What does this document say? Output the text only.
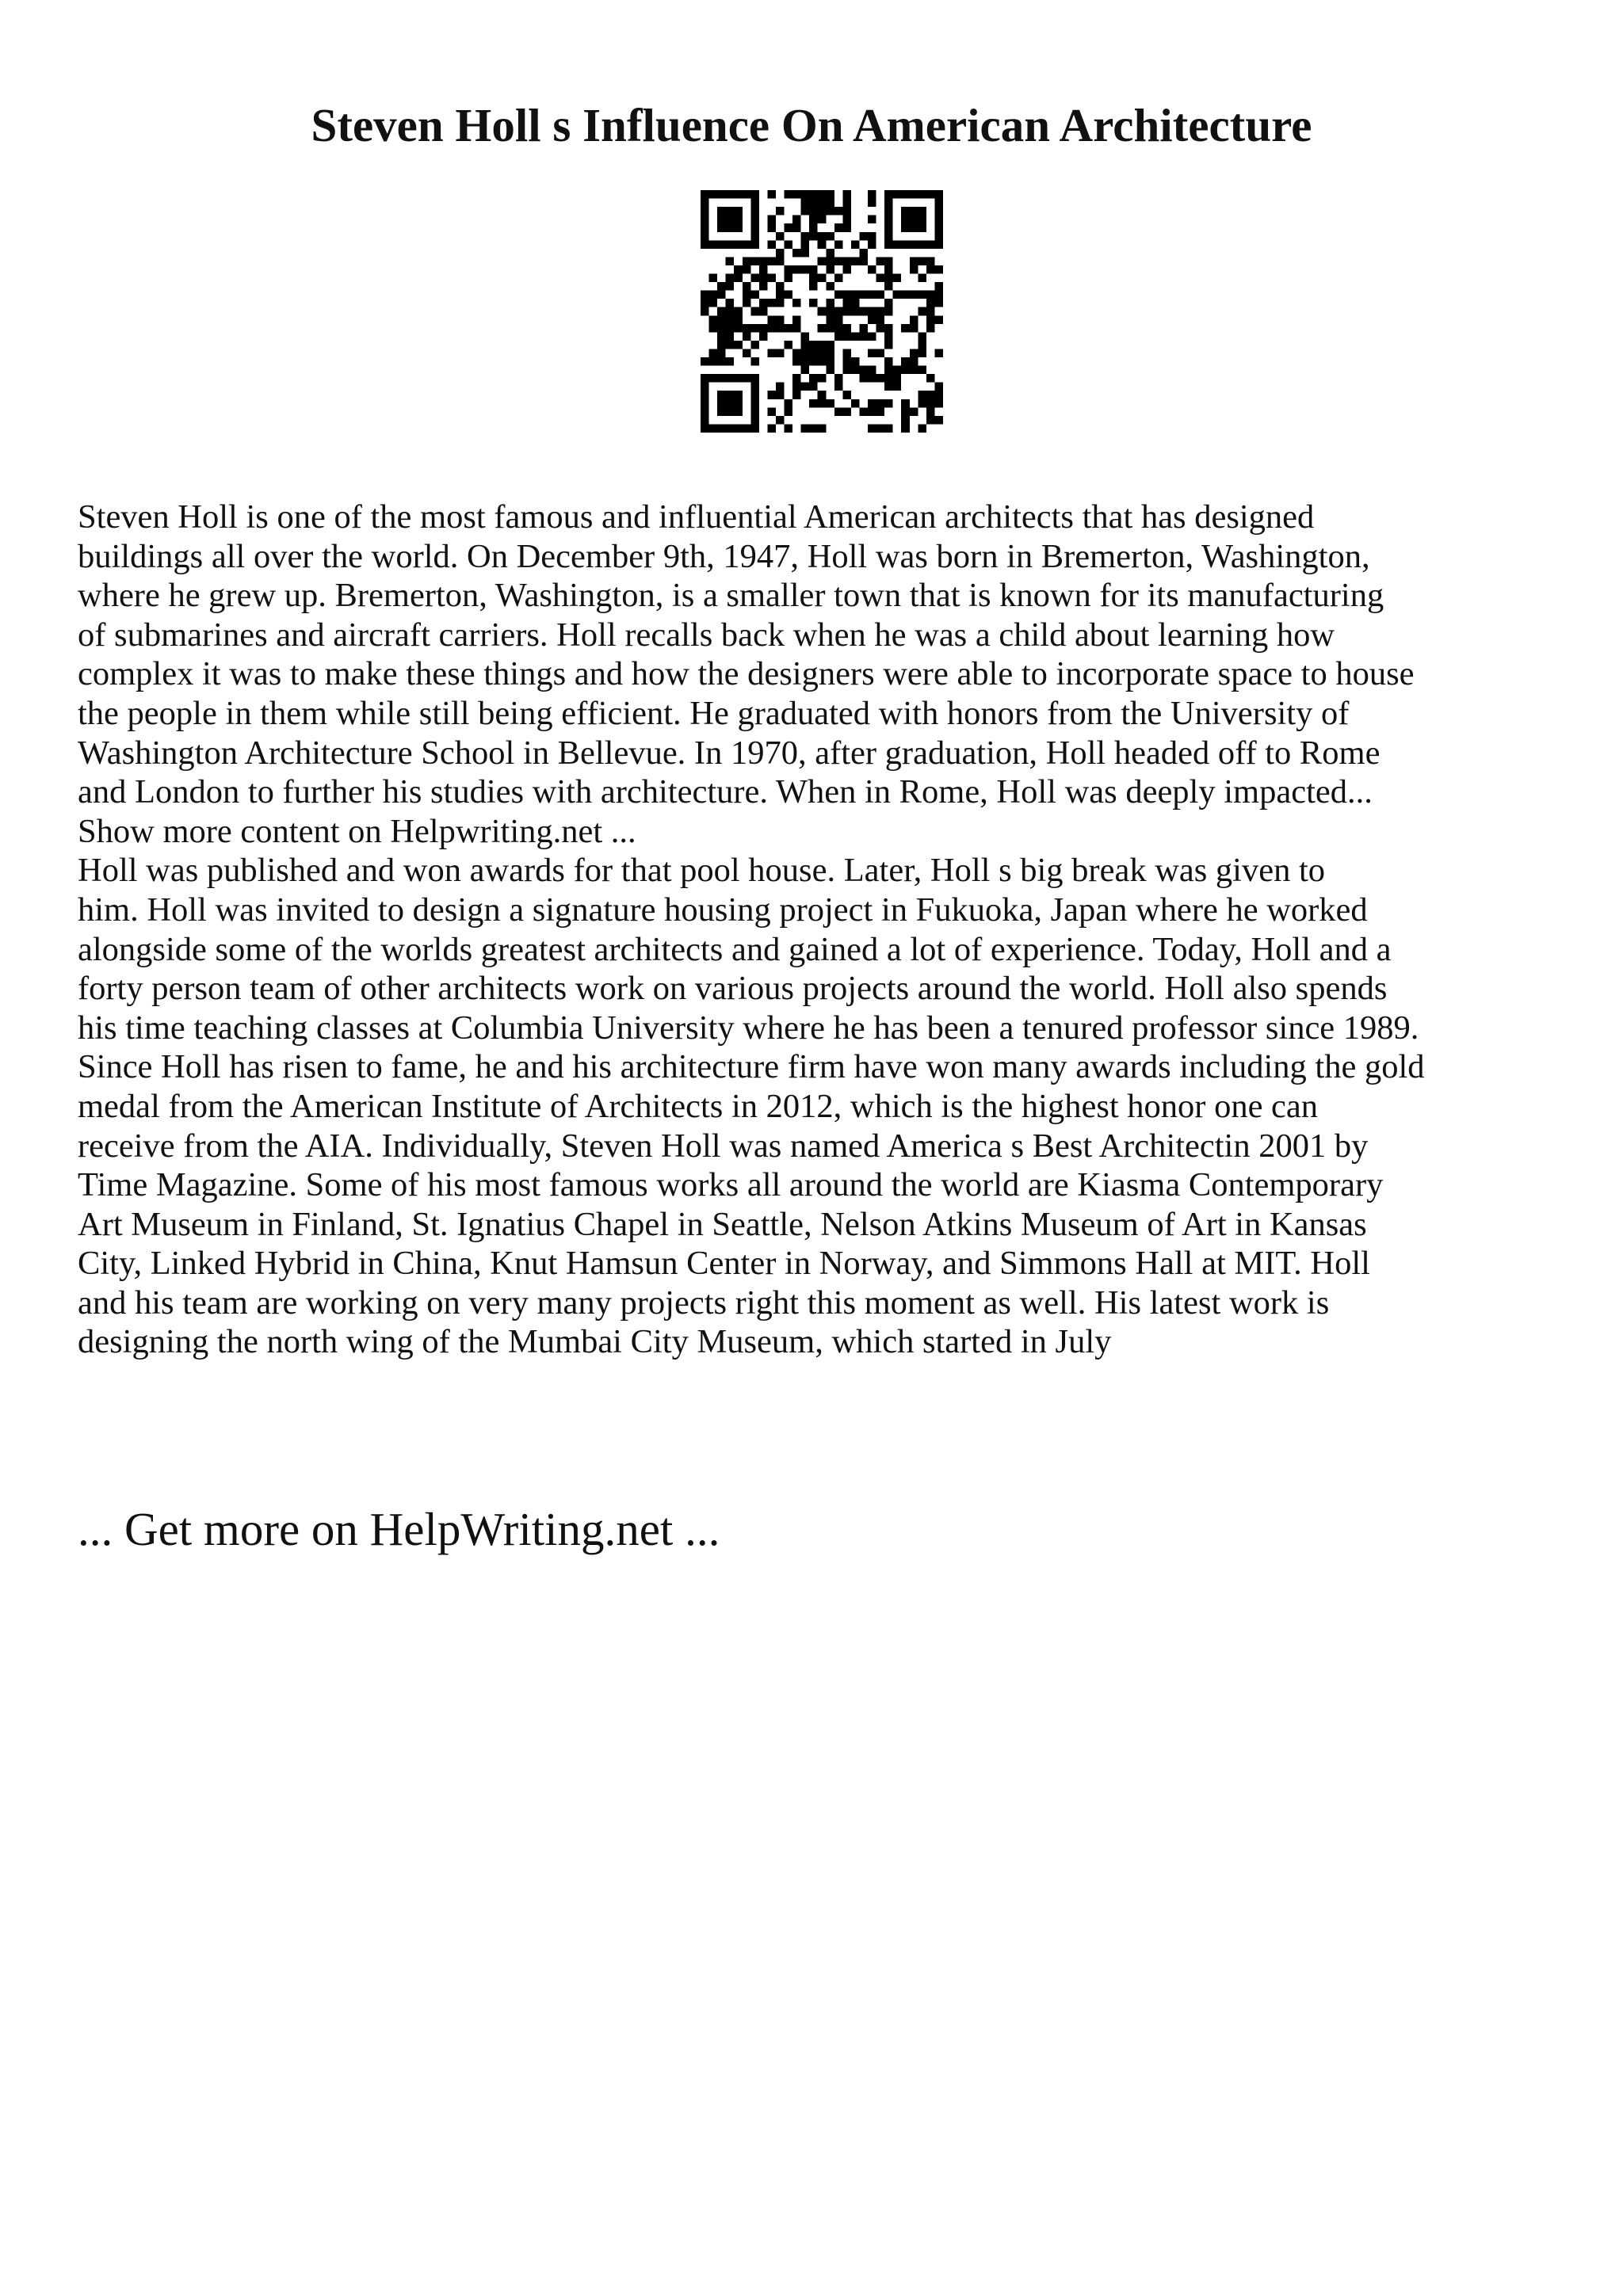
Steven Holl s Influence On American Architecture
Steven Holl is one of the most famous and influential American architects that has designed
buildings all over the world. On December 9th, 1947, Holl was born in Bremerton, Washington,
where he grew up. Bremerton, Washington, is a smaller town that is known for its manufacturing
of submarines and aircraft carriers. Holl recalls back when he was a child about learning how
complex it was to make these things and how the designers were able to incorporate space to house
the people in them while still being efficient. He graduated with honors from the University of
Washington Architecture School in Bellevue. In 1970, after graduation, Holl headed off to Rome
and London to further his studies with architecture. When in Rome, Holl was deeply impacted...
Show more content on Helpwriting.net ...
Holl was published and won awards for that pool house. Later, Holl s big break was given to
him. Holl was invited to design a signature housing project in Fukuoka, Japan where he worked
alongside some of the worlds greatest architects and gained a lot of experience. Today, Holl and a
forty person team of other architects work on various projects around the world. Holl also spends
his time teaching classes at Columbia University where he has been a tenured professor since 1989.
Since Holl has risen to fame, he and his architecture firm have won many awards including the gold
medal from the American Institute of Architects in 2012, which is the highest honor one can
receive from the AIA. Individually, Steven Holl was named America s Best Architectin 2001 by
Time Magazine. Some of his most famous works all around the world are Kiasma Contemporary
Art Museum in Finland, St. Ignatius Chapel in Seattle, Nelson Atkins Museum of Art in Kansas
City, Linked Hybrid in China, Knut Hamsun Center in Norway, and Simmons Hall at MIT. Holl
and his team are working on very many projects right this moment as well. His latest work is
designing the north wing of the Mumbai City Museum, which started in July
... Get more on HelpWriting.net ...
